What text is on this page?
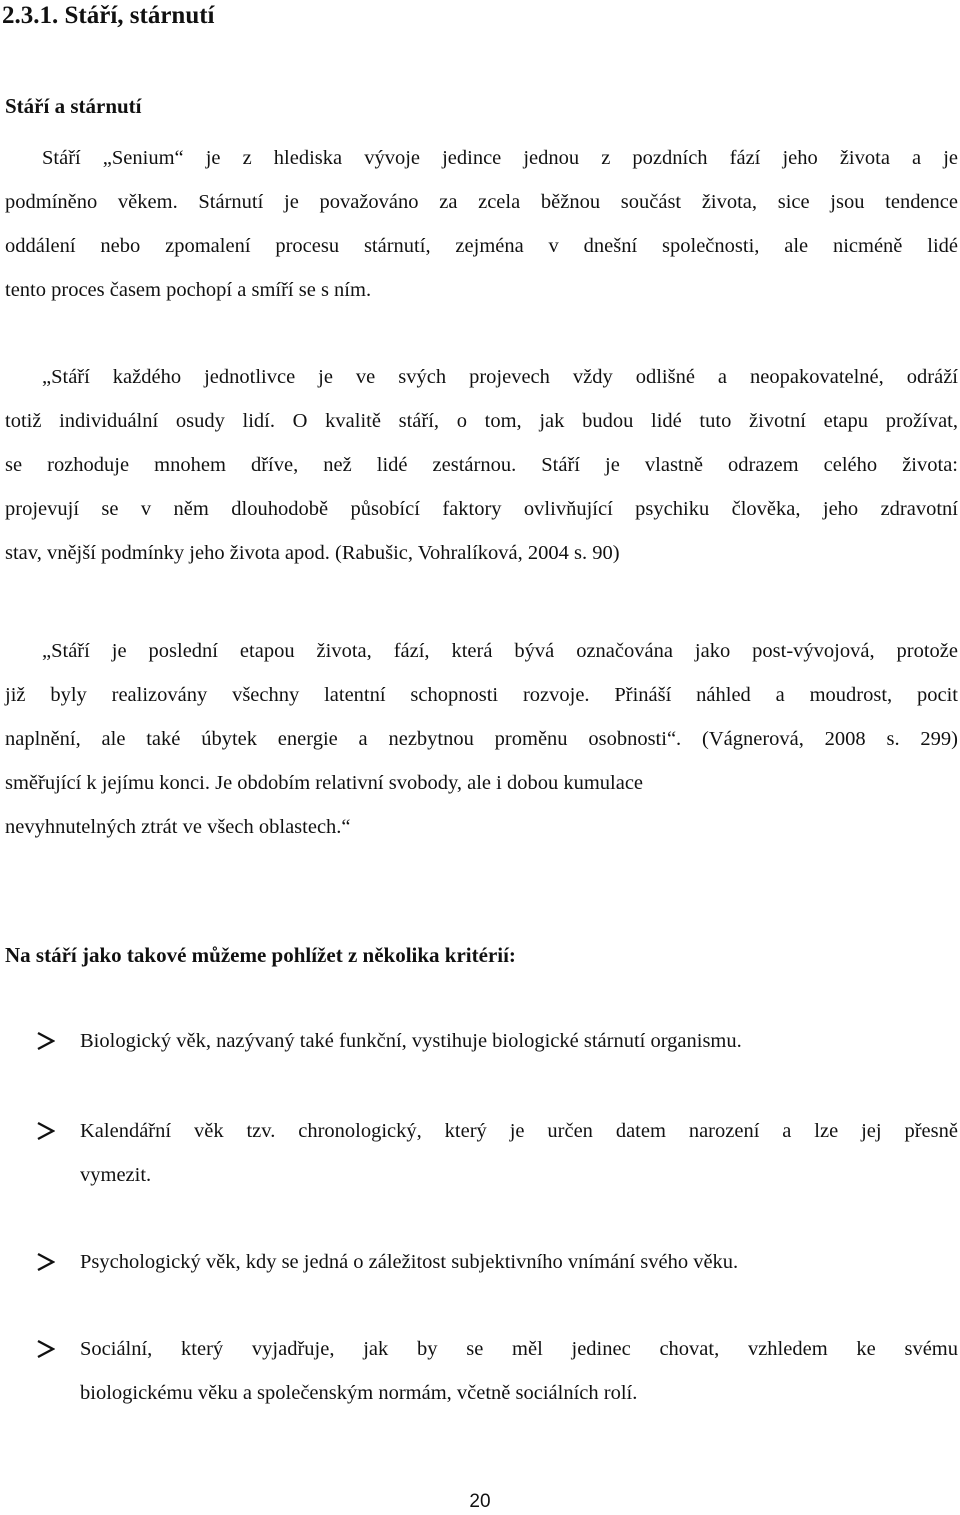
2.3.1. Stáří, stárnutí
Stáří a stárnutí
Stáří „Senium“ je z hlediska vývoje jedince jednou z pozdních fází jeho života a je
podmíněno věkem. Stárnutí je považováno za zcela běžnou součást života, sice jsou tendence
oddálení nebo zpomalení procesu stárnutí, zejména v dnešní společnosti, ale nicméně lidé
tento proces časem pochopí a smíří se s ním.
„Stáří každého jednotlivce je ve svých projevech vždy odlišné a neopakovatelné, odráží
totiž individuální osudy lidí. O kvalitě stáří, o tom, jak budou lidé tuto životní etapu prožívat,
se rozhoduje mnohem dříve, než lidé zestárnou. Stáří je vlastně odrazem celého života:
projevují se v něm dlouhodobě působící faktory ovlivňující psychiku člověka, jeho zdravotní
stav, vnější podmínky jeho života apod. (Rabušic, Vohralíková, 2004 s. 90)
„Stáří je poslední etapou života, fází, která bývá označována jako post-vývojová, protože
již byly realizovány všechny latentní schopnosti rozvoje. Přináší náhled a moudrost, pocit
naplnění, ale také úbytek energie a nezbytnou proměnu osobnosti“. (Vágnerová, 2008 s. 299)
směřující k jejímu konci. Je obdobím relativní svobody, ale i dobou kumulace
nevyhnutelných ztrát ve všech oblastech.“
Na stáří jako takové můžeme pohlížet z několika kritérií:
Biologický věk, nazývaný také funkční, vystihuje biologické stárnutí organismu.
Kalendářní věk tzv. chronologický, který je určen datem narození a lze jej přesně
vymezit.
Psychologický věk, kdy se jedná o záležitost subjektivního vnímání svého věku.
Sociální, který vyjadřuje, jak by se měl jedinec chovat, vzhledem ke svému
biologickému věku a společenským normám, včetně sociálních rolí.
20
